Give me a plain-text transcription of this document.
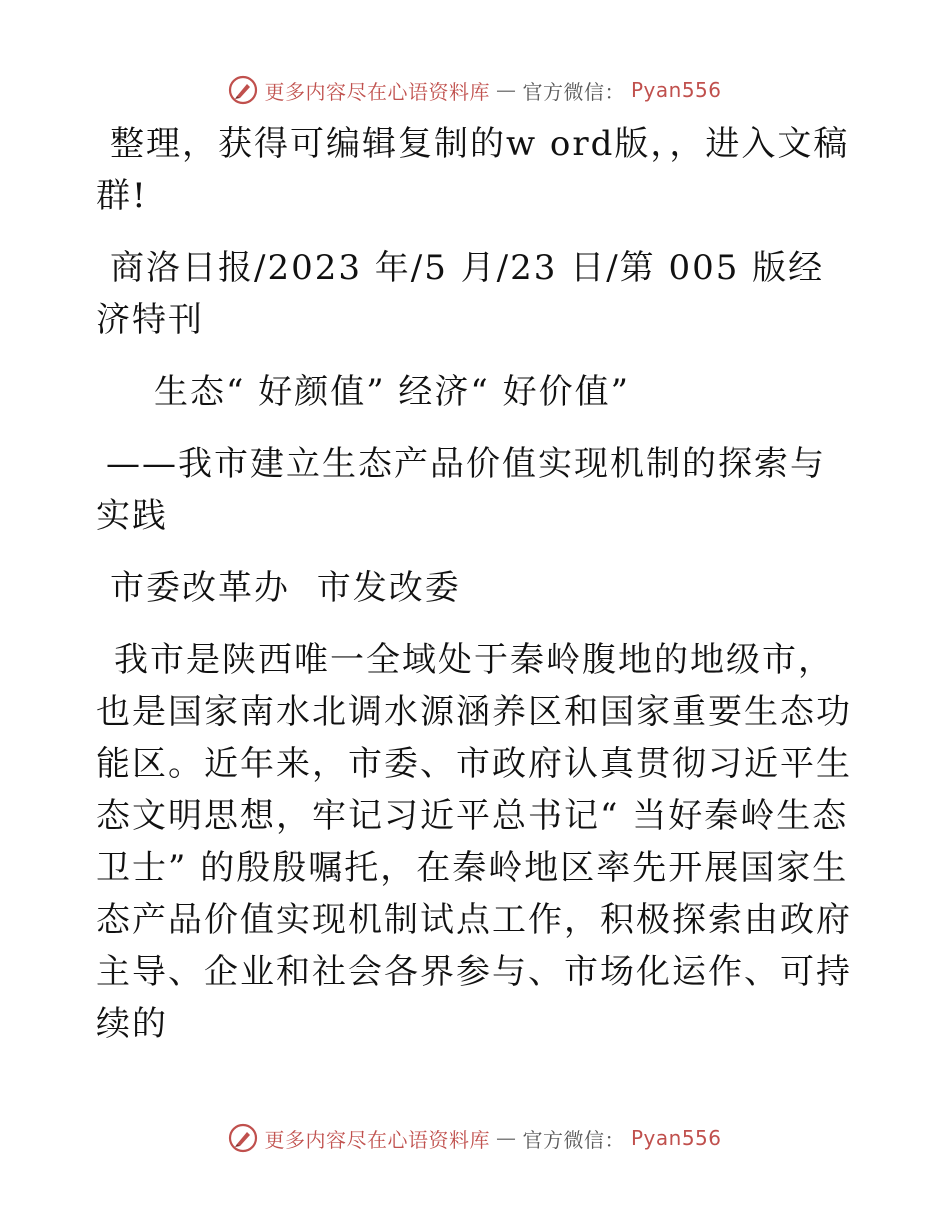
更多内容尽在心语资料库 — 官方微信： Pyan556

整理，获得可编辑复制的w ord版，，进入文稿群!

商洛日报/2023 年/5 月/23 日/第 005 版经济特刊

生态“ 好颜值” 经济“ 好价值”

——我市建立生态产品价值实现机制的探索与实践

市委改革办 市发改委

我市是陕西唯一全域处于秦岭腹地的地级市，也是国家南水北调水源涵养区和国家重要生态功能区。近年来，市委、市政府认真贯彻习近平生态文明思想，牢记习近平总书记“ 当好秦岭生态卫士” 的殷殷嘱托，在秦岭地区率先开展国家生态产品价值实现机制试点工作，积极探索由政府主导、企业和社会各界参与、市场化运作、可持续的

更多内容尽在心语资料库 — 官方微信： Pyan556
